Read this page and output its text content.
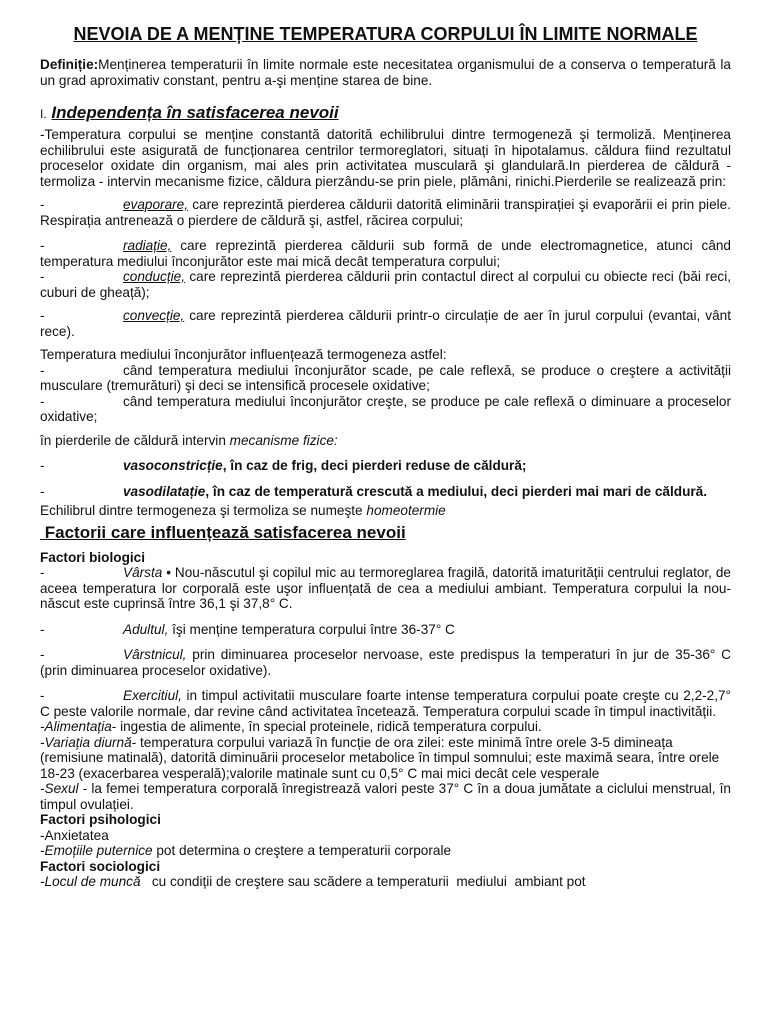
NEVOIA DE A MENȚINE TEMPERATURA CORPULUI ÎN LIMITE NORMALE

Definiție:Menținerea temperaturii în limite normale este necesitatea organismului de a conserva o temperatură la un grad aproximativ constant, pentru a-şi menține starea de bine.

I. Independența în satisfacerea nevoii

-Temperatura corpului se menține constantă datorită echilibrului dintre termogeneză şi termoliză. Menținerea echilibrului este asigurată de funcționarea centrilor termoreglatori, situați în hipotalamus. căldura fiind rezultatul proceselor oxidate din organism, mai ales prin activitatea musculară şi glandulară.In pierderea de căldură - termoliza - intervin mecanisme fizice, căldura pierzându-se prin piele, plămâni, rinichi.Pierderile se realizează prin:

-	evaporare, care reprezintă pierderea căldurii datorită eliminării transpirației şi evaporării ei prin piele. Respirația antrenează o pierdere de căldură şi, astfel, răcirea corpului;

-	radiație, care reprezintă pierderea căldurii sub formă de unde electromagnetice, atunci când temperatura mediului înconjurător este mai mică decât temperatura corpului;

-	conducție, care reprezintă pierderea căldurii prin contactul direct al corpului cu obiecte reci (băi reci, cuburi de gheață);

-	convecție, care reprezintă pierderea căldurii printr-o circulație de aer în jurul corpului (evantai, vânt rece).

Temperatura mediului înconjurător influențează termogeneza astfel:

-	când temperatura mediului înconjurător scade, pe cale reflexă, se produce o creştere a activității musculare (tremurături) şi deci se intensifică procesele oxidative;

-	când temperatura mediului înconjurător creşte, se produce pe cale reflexă o diminuare a proceselor oxidative;

în pierderile de căldură intervin mecanisme fizice:

-	vasoconstricție, în caz de frig, deci pierderi reduse de căldură;

-	vasodilatație, în caz de temperatură crescută a mediului, deci pierderi mai mari de căldură.

Echilibrul dintre termogeneza şi termoliza se numeşte homeotermie

Factorii care influențează satisfacerea nevoii

Factori biologici

-	Vârsta • Nou-născutul şi copilul mic au termoreglarea fragilă, datorită imaturității centrului reglator, de aceea temperatura lor corporală este uşor influențată de cea a mediului ambiant. Temperatura corpului la nou-născut este cuprinsă între 36,1 şi 37,8° C.

-	Adultul, îşi menține temperatura corpului între 36-37° C

-	Vârstnicul, prin diminuarea proceselor nervoase, este predispus la temperaturi în jur de 35-36° C (prin diminuarea proceselor oxidative).

-	Exercitiul, in timpul activitatii musculare foarte intense temperatura corpului poate creşte cu 2,2-2,7° C peste valorile normale, dar revine când activitatea încetează. Temperatura corpului scade în timpul inactivității.

-Alimentația- ingestia de alimente, în special proteinele, ridică temperatura corpului.

-Variația diurnă- temperatura corpului variază în funcție de ora zilei: este minimă între orele 3-5 dimineața (remisiune matinală), datorită diminuării proceselor metabolice în timpul somnului; este maximă seara, între orele 18-23 (exacerbarea vesperală);valorile matinale sunt cu 0,5° C mai mici decât cele vesperale

-Sexul - la femei temperatura corporală înregistrează valori peste 37° C în a doua jumătate a ciclului menstrual, în timpul ovulației.

Factori psihologici

-Anxietatea

-Emoțiile puternice pot determina o creştere a temperaturii corporale

Factori sociologici

-Locul de muncă   cu condiții de creştere sau scădere a temperaturii  mediului  ambiant pot
